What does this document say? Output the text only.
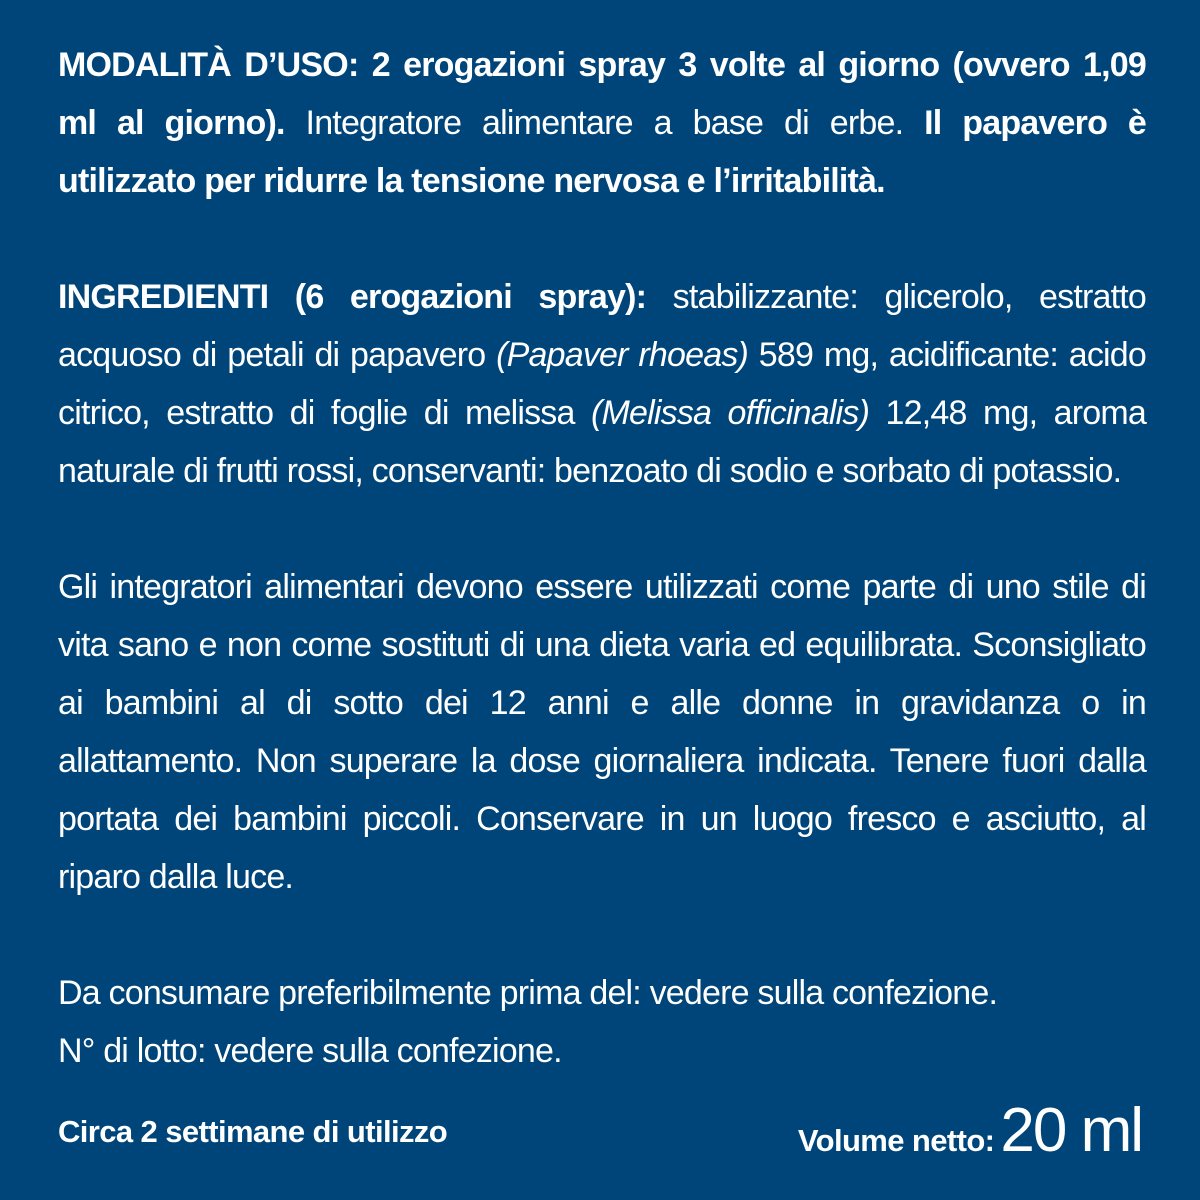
MODALITÀ D’USO: 2 erogazioni spray 3 volte al giorno (ovvero 1,09 ml al giorno). Integratore alimentare a base di erbe. Il papavero è utilizzato per ridurre la tensione nervosa e l’irritabilità.

INGREDIENTI (6 erogazioni spray): stabilizzante: glicerolo, estratto acquoso di petali di papavero (Papaver rhoeas) 589 mg, acidificante: acido citrico, estratto di foglie di melissa (Melissa officinalis) 12,48 mg, aroma naturale di frutti rossi, conservanti: benzoato di sodio e sorbato di potassio.

Gli integratori alimentari devono essere utilizzati come parte di uno stile di vita sano e non come sostituti di una dieta varia ed equilibrata. Sconsigliato ai bambini al di sotto dei 12 anni e alle donne in gravidanza o in allattamento. Non superare la dose giornaliera indicata. Tenere fuori dalla portata dei bambini piccoli. Conservare in un luogo fresco e asciutto, al riparo dalla luce.

Da consumare preferibilmente prima del: vedere sulla confezione.

N° di lotto: vedere sulla confezione.

Circa 2 settimane di utilizzo	Volume netto:20 ml
